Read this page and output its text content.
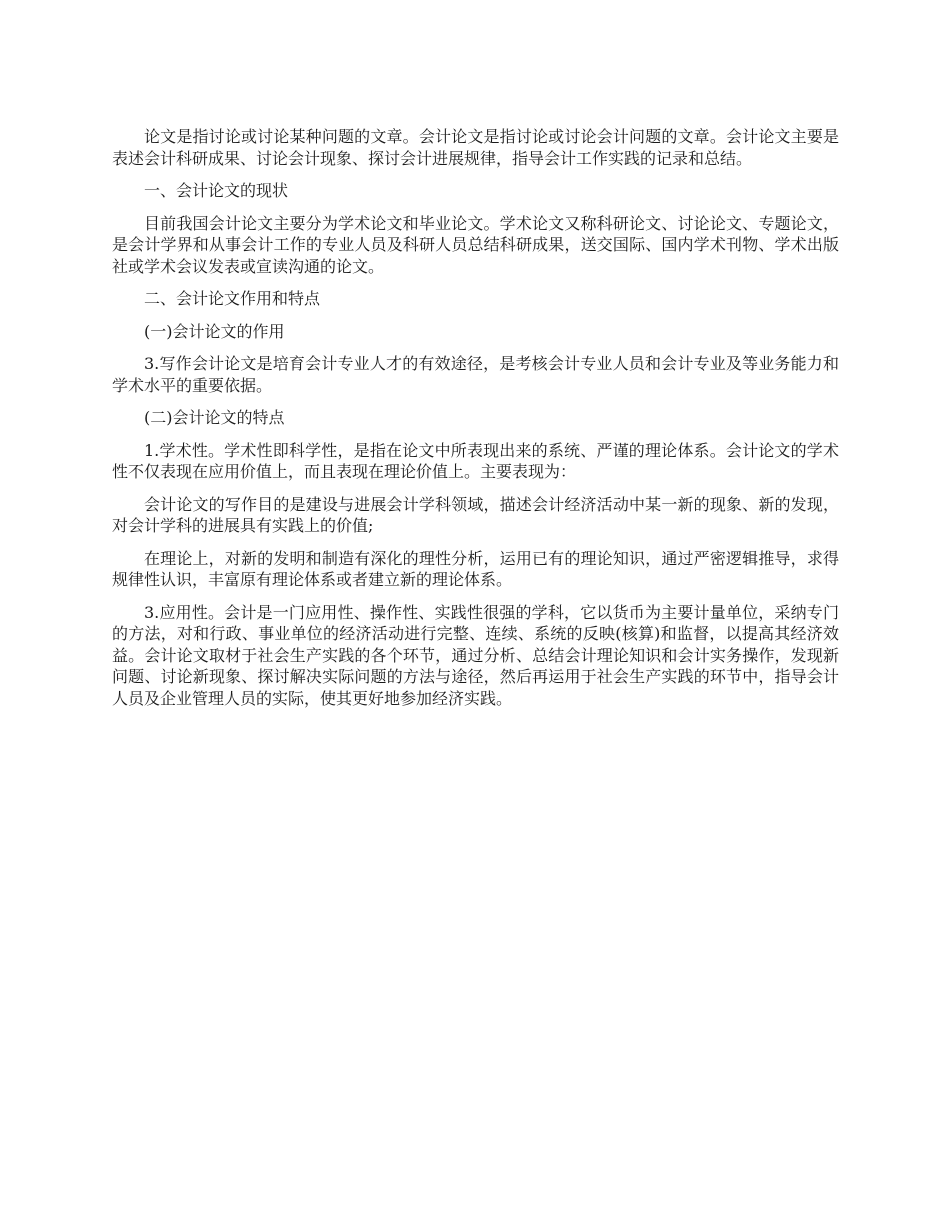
论文是指讨论或讨论某种问题的文章。会计论文是指讨论或讨论会计问题的文章。会计论文主要是表述会计科研成果、讨论会计现象、探讨会计进展规律，指导会计工作实践的记录和总结。

一、会计论文的现状

目前我国会计论文主要分为学术论文和毕业论文。学术论文又称科研论文、讨论论文、专题论文，是会计学界和从事会计工作的专业人员及科研人员总结科研成果，送交国际、国内学术刊物、学术出版社或学术会议发表或宣读沟通的论文。

二、会计论文作用和特点

(一)会计论文的作用

3.写作会计论文是培育会计专业人才的有效途径，是考核会计专业人员和会计专业及等业务能力和学术水平的重要依据。

(二)会计论文的特点

1.学术性。学术性即科学性，是指在论文中所表现出来的系统、严谨的理论体系。会计论文的学术性不仅表现在应用价值上，而且表现在理论价值上。主要表现为：

会计论文的写作目的是建设与进展会计学科领域，描述会计经济活动中某一新的现象、新的发现，对会计学科的进展具有实践上的价值;

在理论上，对新的发明和制造有深化的理性分析，运用已有的理论知识，通过严密逻辑推导，求得规律性认识，丰富原有理论体系或者建立新的理论体系。

3.应用性。会计是一门应用性、操作性、实践性很强的学科，它以货币为主要计量单位，采纳专门的方法，对和行政、事业单位的经济活动进行完整、连续、系统的反映(核算)和监督，以提高其经济效益。会计论文取材于社会生产实践的各个环节，通过分析、总结会计理论知识和会计实务操作，发现新问题、讨论新现象、探讨解决实际问题的方法与途径，然后再运用于社会生产实践的环节中，指导会计人员及企业管理人员的实际，使其更好地参加经济实践。
